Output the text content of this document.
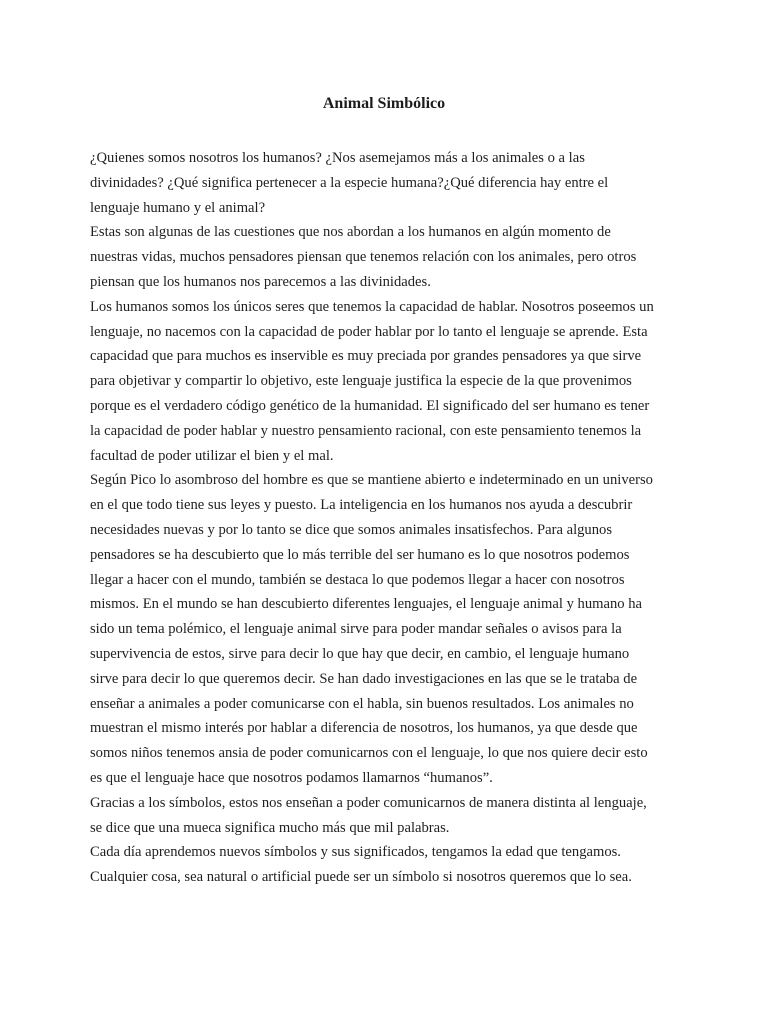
Animal Simbólico
¿Quienes somos nosotros los humanos? ¿Nos asemejamos más a los animales o a las
divinidades? ¿Qué significa pertenecer a la especie humana?¿Qué diferencia hay entre el
lenguaje humano y el animal?
Estas son algunas de las cuestiones que nos abordan a los humanos en algún momento de
nuestras vidas, muchos pensadores piensan que tenemos relación con los animales, pero otros
piensan que los humanos nos parecemos a las divinidades.
Los humanos somos los únicos seres que tenemos la capacidad de hablar. Nosotros poseemos un
lenguaje, no nacemos con la capacidad de poder hablar por lo tanto el lenguaje se aprende. Esta
capacidad que para muchos es inservible es muy preciada por grandes pensadores ya que sirve
para objetivar y compartir lo objetivo, este lenguaje justifica la especie de la que provenimos
porque es el verdadero código genético de la humanidad. El significado del ser humano es tener
la capacidad de poder hablar y nuestro pensamiento racional, con este pensamiento tenemos la
facultad de poder utilizar el bien y el mal.
Según Pico lo asombroso del hombre es que se mantiene abierto e indeterminado en un universo
en el que todo tiene sus leyes y puesto. La inteligencia en los humanos nos ayuda a descubrir
necesidades nuevas y por lo tanto se dice que somos animales insatisfechos. Para algunos
pensadores se ha descubierto que lo más terrible del ser humano es lo que nosotros podemos
llegar a hacer con el mundo, también se destaca lo que podemos llegar a hacer con nosotros
mismos. En el mundo se han descubierto diferentes lenguajes, el lenguaje animal y humano ha
sido un tema polémico, el lenguaje animal sirve para poder mandar señales o avisos para la
supervivencia de estos, sirve para decir lo que hay que decir, en cambio, el lenguaje humano
sirve para decir lo que queremos decir. Se han dado investigaciones en las que se le trataba de
enseñar a animales a poder comunicarse con el habla, sin buenos resultados. Los animales no
muestran el mismo interés por hablar a diferencia de nosotros, los humanos, ya que desde que
somos niños tenemos ansia de poder comunicarnos con el lenguaje, lo que nos quiere decir esto
es que el lenguaje hace que nosotros podamos llamarnos “humanos”.
Gracias a los símbolos, estos nos enseñan a poder comunicarnos de manera distinta al lenguaje,
se dice que una mueca significa mucho más que mil palabras.
Cada día aprendemos nuevos símbolos y sus significados, tengamos la edad que tengamos.
Cualquier cosa, sea natural o artificial puede ser un símbolo si nosotros queremos que lo sea.
